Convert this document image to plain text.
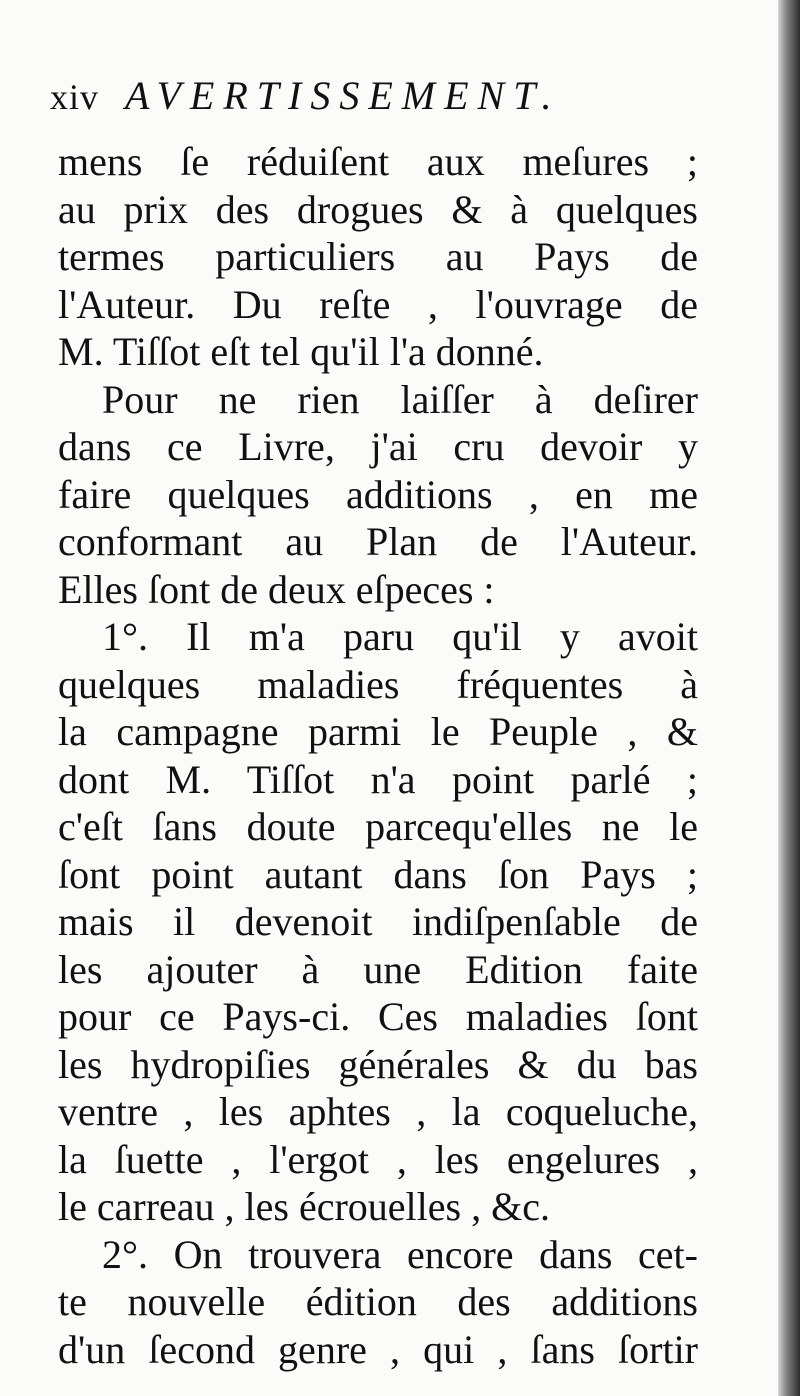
xiv AVERTISSEMENT.
mens ſe réduiſent aux meſures ;
au prix des drogues & à quelques
termes particuliers au Pays de
l'Auteur. Du reſte , l'ouvrage de
M. Tiſſot eſt tel qu'il l'a donné.
Pour ne rien laiſſer à deſirer
dans ce Livre, j'ai cru devoir y
faire quelques additions , en me
conformant au Plan de l'Auteur.
Elles ſont de deux eſpeces :
1°. Il m'a paru qu'il y avoit
quelques maladies fréquentes à
la campagne parmi le Peuple , &
dont M. Tiſſot n'a point parlé ;
c'eſt ſans doute parcequ'elles ne le
ſont point autant dans ſon Pays ;
mais il devenoit indiſpenſable de
les ajouter à une Edition faite
pour ce Pays-ci. Ces maladies ſont
les hydropiſies générales & du bas
ventre , les aphtes , la coqueluche,
la ſuette , l'ergot , les engelures ,
le carreau , les écrouelles , &c.
2°. On trouvera encore dans cet-
te nouvelle édition des additions
d'un ſecond genre , qui , ſans ſortir
